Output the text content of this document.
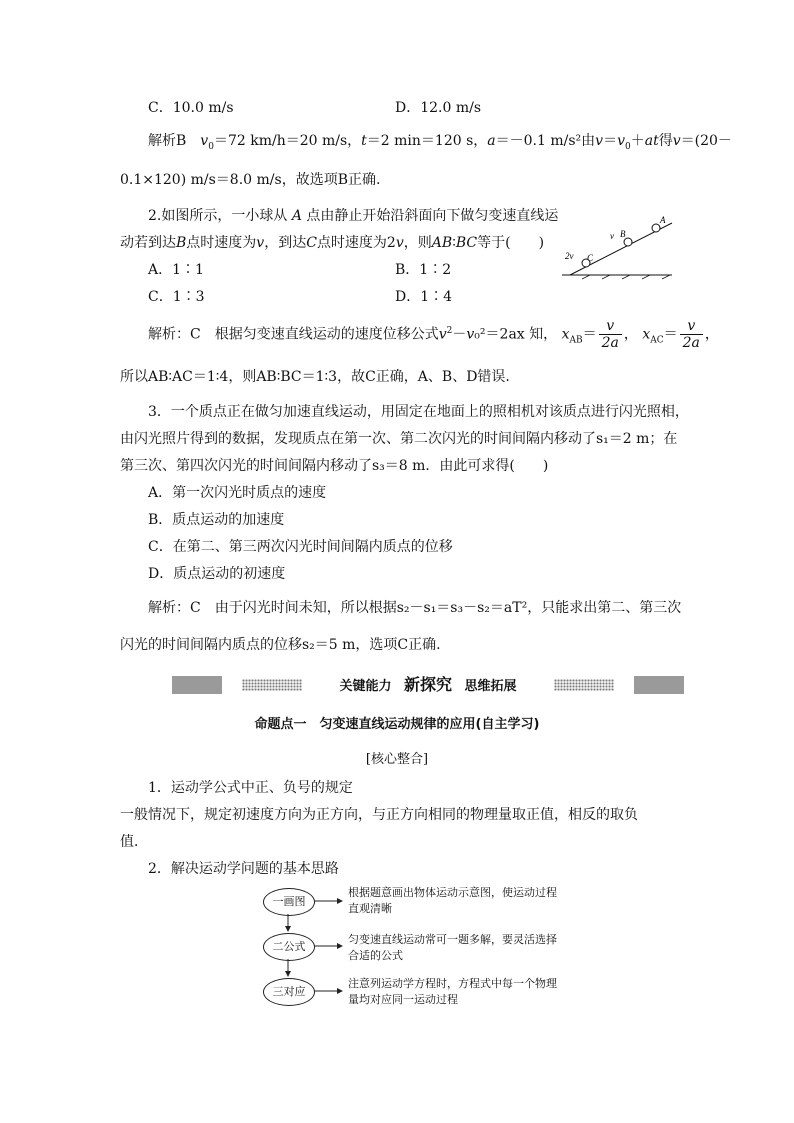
C．10.0 m/s	D．12.0 m/s
解析B　$v_0=72$ km/h＝20 m/s，t＝2 min＝120 s，a＝－0.1 m/s²由$v=v_0+at$得v＝(20－
0.1×120) m/s＝8.0 m/s，故选项B正确.
2.如图所示，一小球从 A 点由静止开始沿斜面向下做匀变速直线运
动若到达B点时速度为v，到达C点时速度为2v，则AB∶BC等于(　　)
A．1∶1	B．1∶2
C．1∶3	D．1∶4
A
B
C
v
2v
解析：C　根据匀变速直线运动的速度位移公式$v^2-v_0^2=2ax$ 知， $x_{AB}= \frac{v}{2a}$ ， $x_{AC}= \frac{v}{2a}$ ，
所以AB∶AC＝1∶4，则AB∶BC＝1∶3，故C正确，A、B、D错误.
3．一个质点正在做匀加速直线运动，用固定在地面上的照相机对该质点进行闪光照相，
由闪光照片得到的数据，发现质点在第一次、第二次闪光的时间间隔内移动了s₁＝2 m；在
第三次、第四次闪光的时间间隔内移动了s₃＝8 m．由此可求得(　　)
A．第一次闪光时质点的速度
B．质点运动的加速度
C．在第二、第三两次闪光时间间隔内质点的位移
D．质点运动的初速度
解析：C　由于闪光时间未知，所以根据s₂－s₁＝s₃－s₂＝aT²，只能求出第二、第三次
闪光的时间间隔内质点的位移s₂＝5 m，选项C正确.
关键能力 新探究 思维拓展
命题点一　匀变速直线运动规律的应用(自主学习)
[核心整合]
1．运动学公式中正、负号的规定
一般情况下，规定初速度方向为正方向，与正方向相同的物理量取正值，相反的取负
值．
2．解决运动学问题的基本思路
一画图
二公式
三对应
根据题意画出物体运动示意图，使运动过程直观清晰
匀变速直线运动常可一题多解，要灵活选择合适的公式
注意列运动学方程时，方程式中每一个物理量均对应同一运动过程
